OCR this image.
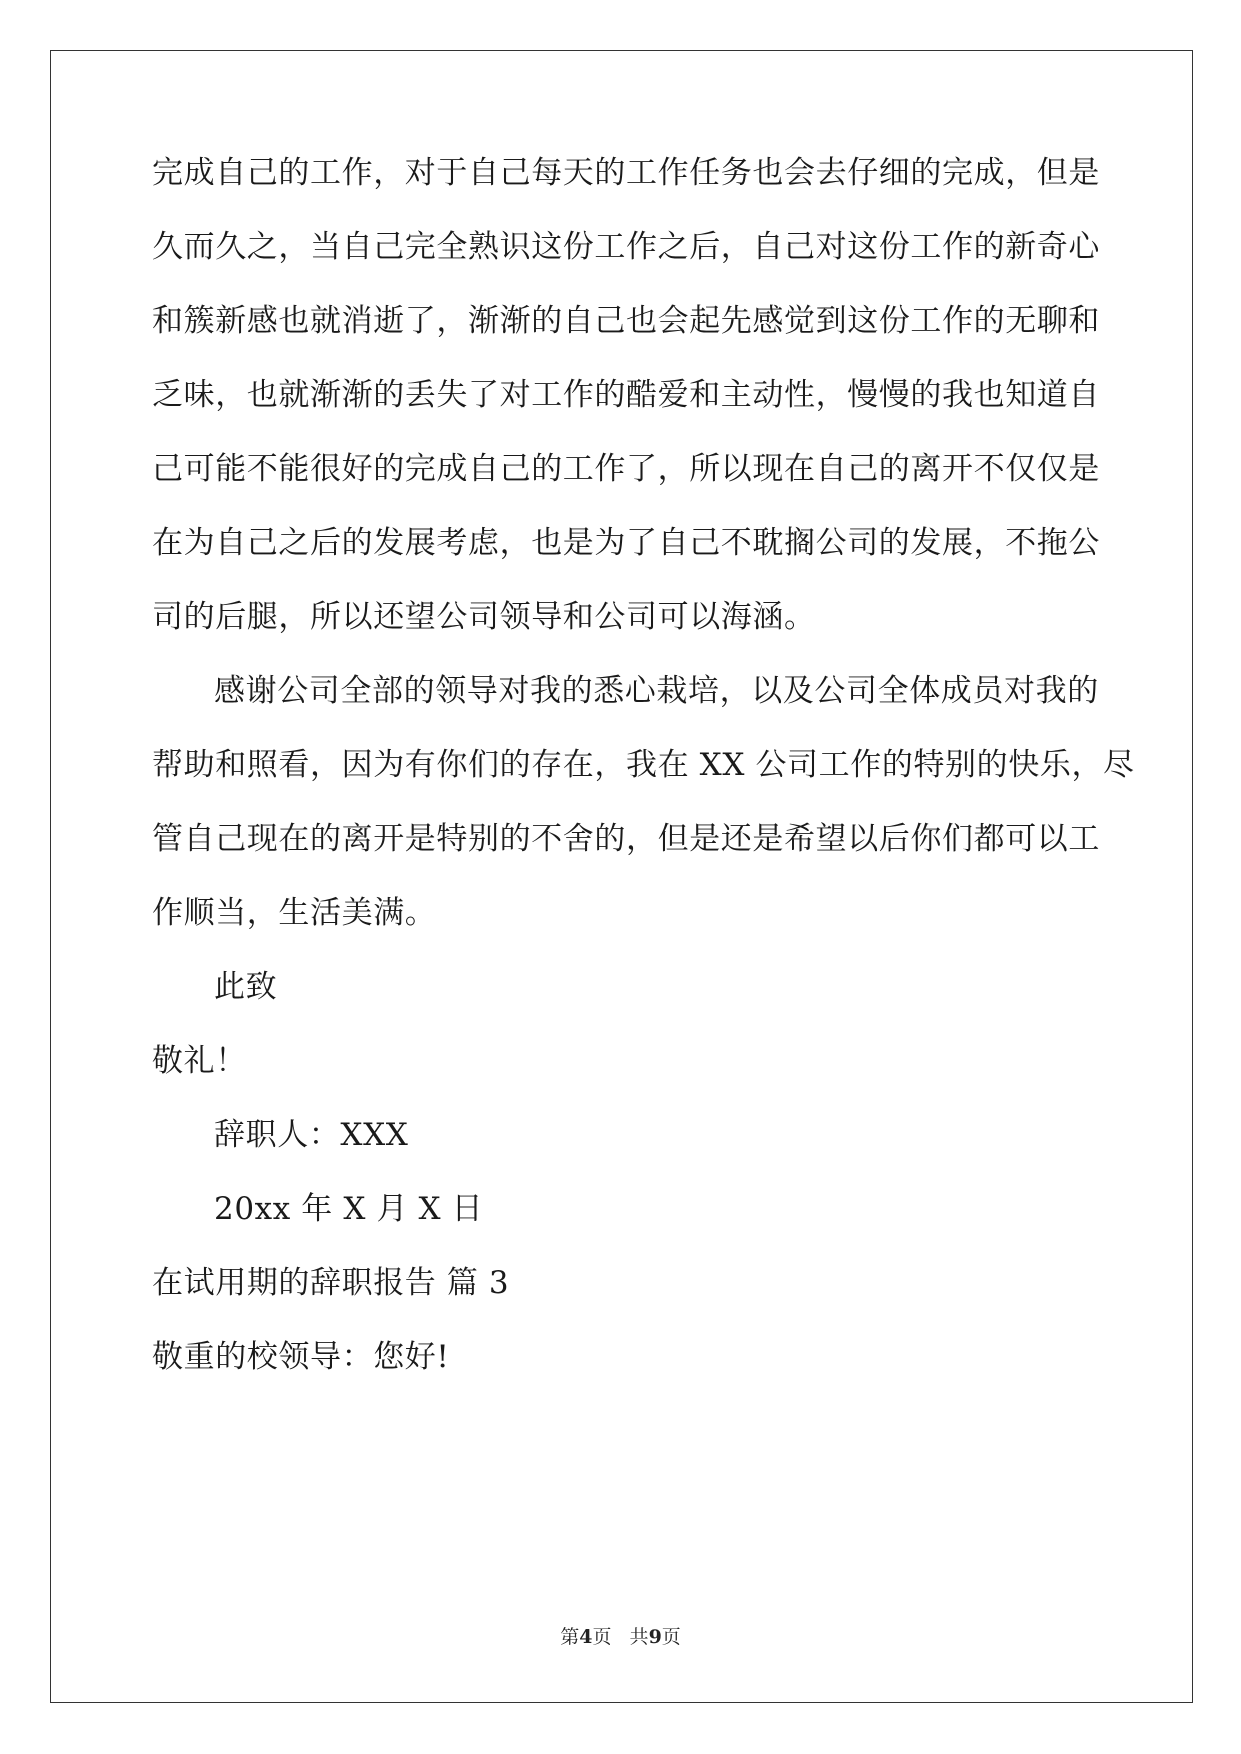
完成自己的工作，对于自己每天的工作任务也会去仔细的完成，但是
久而久之，当自己完全熟识这份工作之后，自己对这份工作的新奇心
和簇新感也就消逝了，渐渐的自己也会起先感觉到这份工作的无聊和
乏味，也就渐渐的丢失了对工作的酷爱和主动性，慢慢的我也知道自
己可能不能很好的完成自己的工作了，所以现在自己的离开不仅仅是
在为自己之后的发展考虑，也是为了自己不耽搁公司的发展，不拖公
司的后腿，所以还望公司领导和公司可以海涵。
感谢公司全部的领导对我的悉心栽培，以及公司全体成员对我的
帮助和照看，因为有你们的存在，我在 XX 公司工作的特别的快乐，尽
管自己现在的离开是特别的不舍的，但是还是希望以后你们都可以工
作顺当，生活美满。
此致
敬礼！
辞职人：XXX
20xx 年 X 月 X 日
在试用期的辞职报告 篇 3
敬重的校领导：您好!
第4页   共9页
